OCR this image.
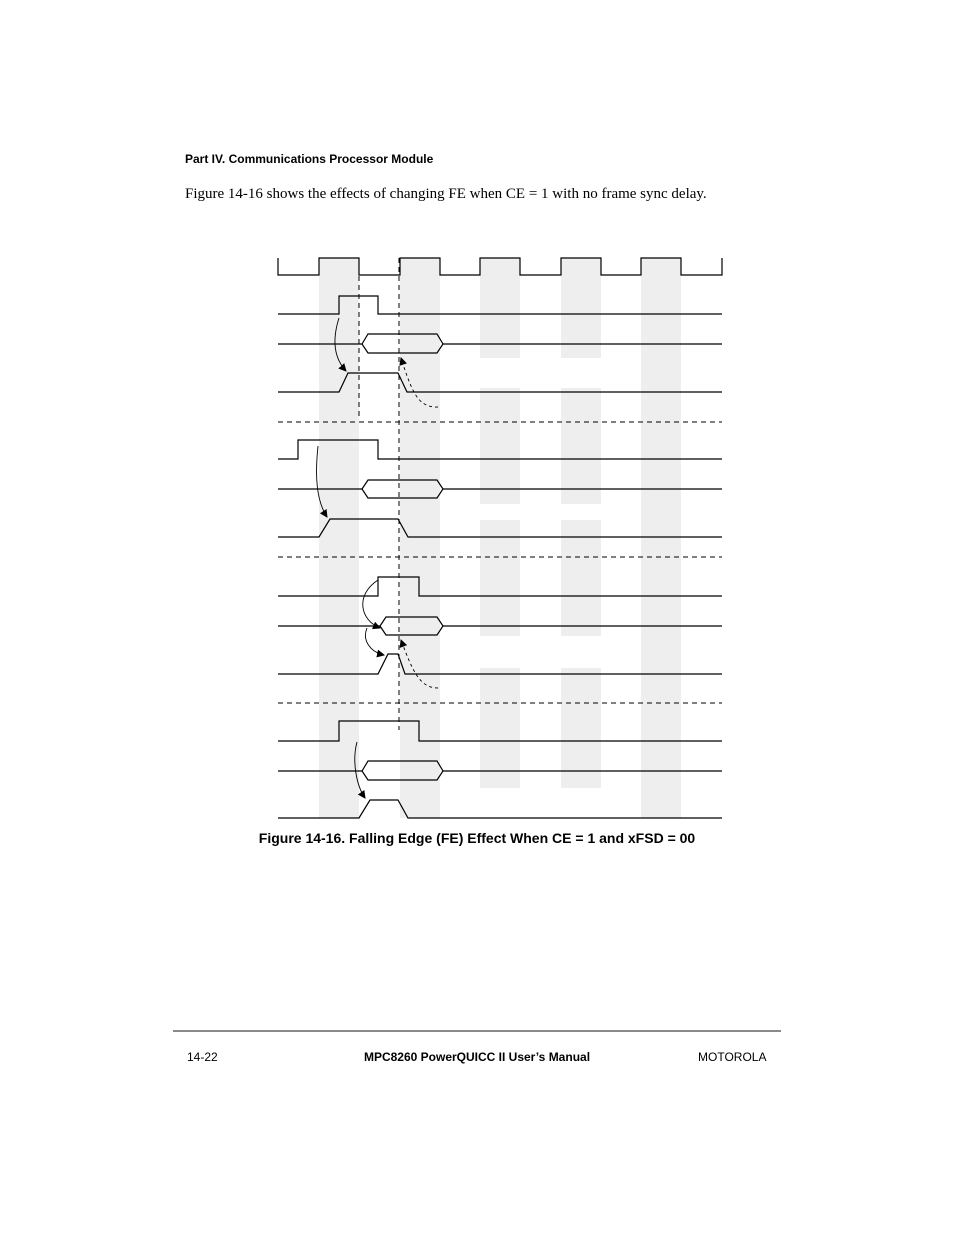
Part IV. Communications Processor Module
Figure 14-16 shows the effects of changing FE when CE = 1 with no frame sync delay.
Figure 14-16. Falling Edge (FE) Effect When CE = 1 and xFSD = 00
14-22	MPC8260 PowerQUICC II User’s Manual	MOTOROLA
